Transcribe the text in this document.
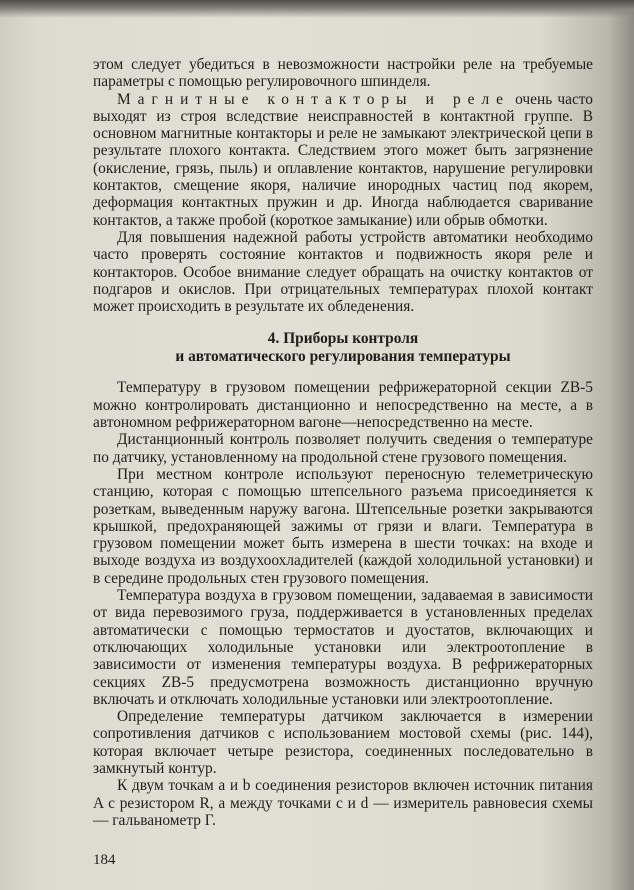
этом следует убедиться в невозможности настройки реле на требуемые параметры с помощью регулировочного шпинделя.

Магнитные контакторы и реле очень часто выходят из строя вследствие неисправностей в контактной группе. В основном магнитные контакторы и реле не замыкают электрической цепи в результате плохого контакта. Следствием этого может быть загрязнение (окисление, грязь, пыль) и оплавление контактов, нарушение регулировки контактов, смещение якоря, наличие инородных частиц под якорем, деформация контактных пружин и др. Иногда наблюдается сваривание контактов, а также пробой (короткое замыкание) или обрыв обмотки.

Для повышения надежной работы устройств автоматики необходимо часто проверять состояние контактов и подвижность якоря реле и контакторов. Особое внимание следует обращать на очистку контактов от подгаров и окислов. При отрицательных температурах плохой контакт может происходить в результате их обледенения.

4. Приборы контроля
и автоматического регулирования температуры

Температуру в грузовом помещении рефрижераторной секции ZB-5 можно контролировать дистанционно и непосредственно на месте, а в автономном рефрижераторном вагоне—непосредственно на месте.

Дистанционный контроль позволяет получить сведения о температуре по датчику, установленному на продольной стене грузового помещения.

При местном контроле используют переносную телеметрическую станцию, которая с помощью штепсельного разъема присоединяется к розеткам, выведенным наружу вагона. Штепсельные розетки закрываются крышкой, предохраняющей зажимы от грязи и влаги. Температура в грузовом помещении может быть измерена в шести точках: на входе и выходе воздуха из воздухоохладителей (каждой холодильной установки) и в середине продольных стен грузового помещения.

Температура воздуха в грузовом помещении, задаваемая в зависимости от вида перевозимого груза, поддерживается в установленных пределах автоматически с помощью термостатов и дуостатов, включающих и отключающих холодильные установки или электроотопление в зависимости от изменения температуры воздуха. В рефрижераторных секциях ZB-5 предусмотрена возможность дистанционно вручную включать и отключать холодильные установки или электроотопление.

Определение температуры датчиком заключается в измерении сопротивления датчиков с использованием мостовой схемы (рис. 144), которая включает четыре резистора, соединенных последовательно в замкнутый контур.

К двум точкам a и b соединения резисторов включен источник питания A с резистором R, а между точками c и d — измеритель равновесия схемы — гальванометр Г.

184
